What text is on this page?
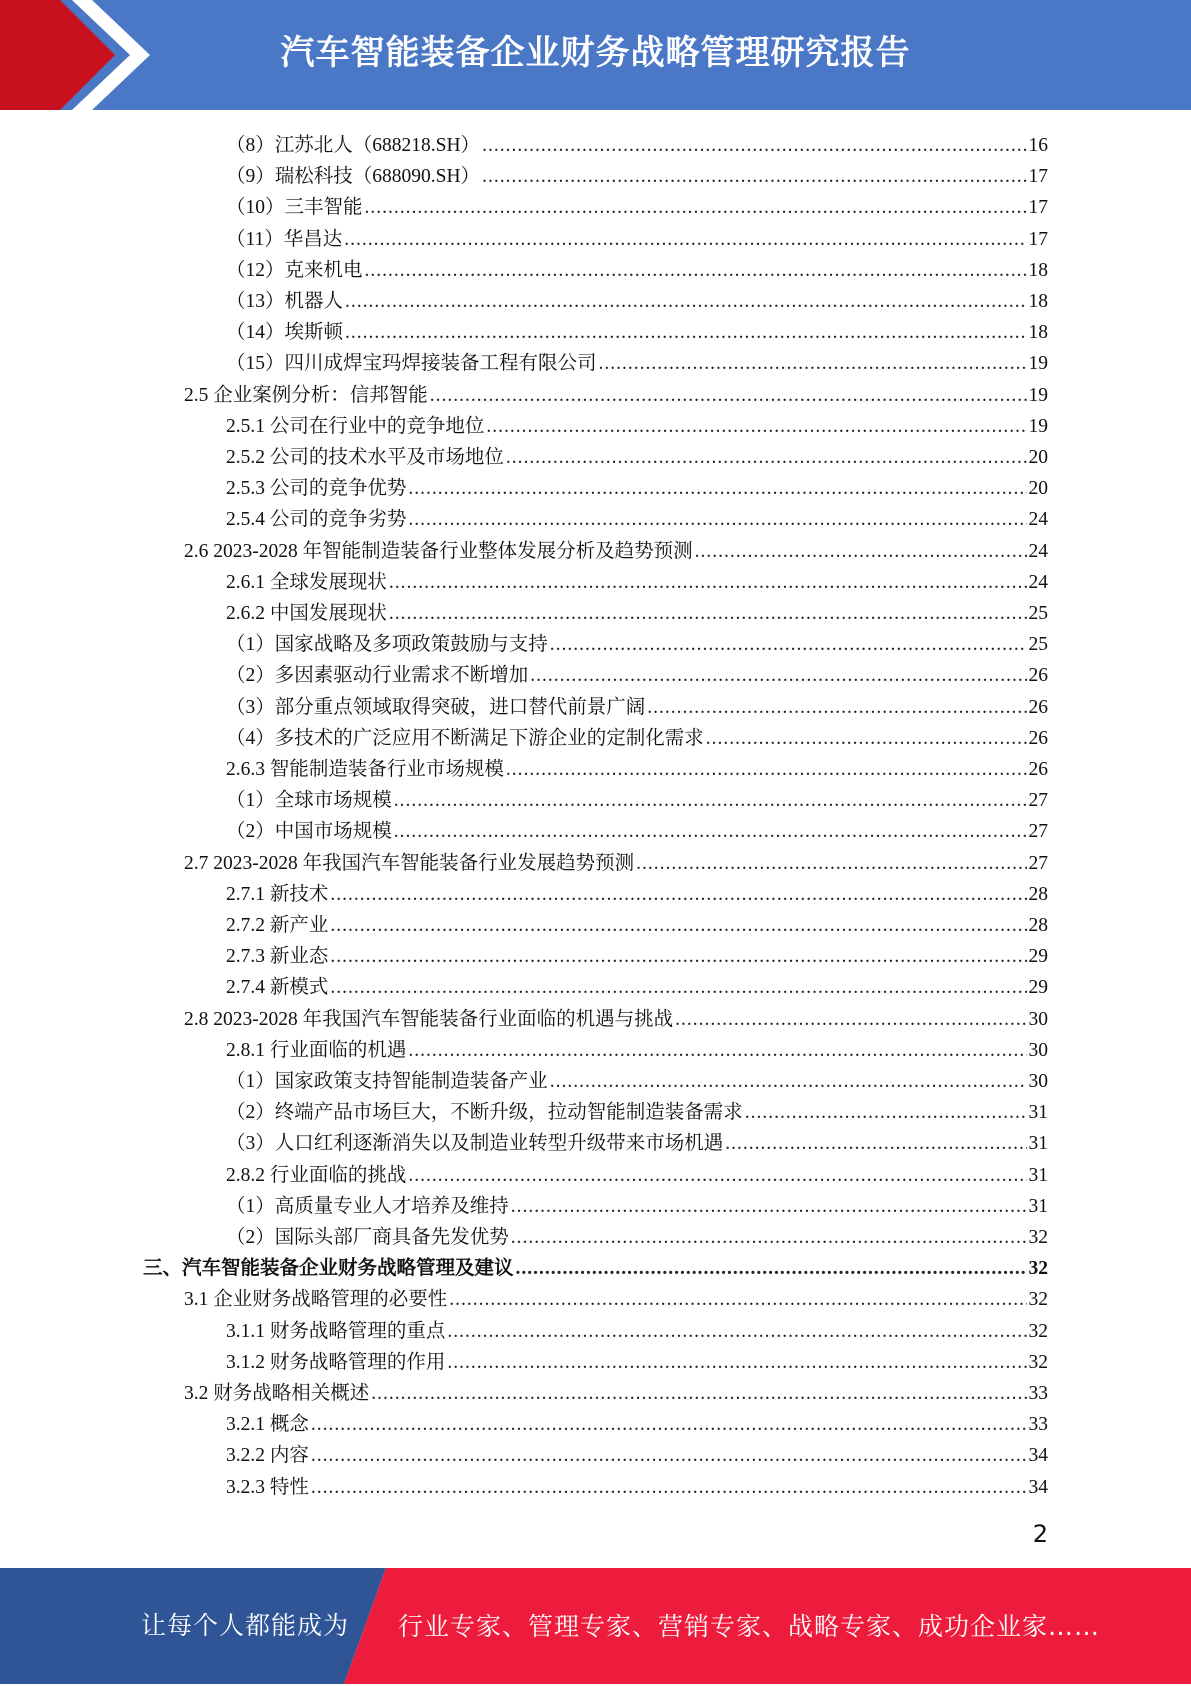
汽车智能装备企业财务战略管理研究报告
（8）江苏北人（688218.SH） .....	16
（9）瑞松科技（688090.SH） .....	17
（10）三丰智能 .....	17
（11）华昌达 .....	17
（12）克来机电 .....	18
（13）机器人 .....	18
（14）埃斯顿 .....	18
（15）四川成焊宝玛焊接装备工程有限公司 .....	19
2.5 企业案例分析：信邦智能 .....	19
2.5.1 公司在行业中的竞争地位 .....	19
2.5.2 公司的技术水平及市场地位 .....	20
2.5.3 公司的竞争优势 .....	20
2.5.4 公司的竞争劣势 .....	24
2.6 2023-2028 年智能制造装备行业整体发展分析及趋势预测 .....	24
2.6.1 全球发展现状 .....	24
2.6.2 中国发展现状 .....	25
（1）国家战略及多项政策鼓励与支持 .....	25
（2）多因素驱动行业需求不断增加 .....	26
（3）部分重点领域取得突破，进口替代前景广阔 .....	26
（4）多技术的广泛应用不断满足下游企业的定制化需求 .....	26
2.6.3 智能制造装备行业市场规模 .....	26
（1）全球市场规模 .....	27
（2）中国市场规模 .....	27
2.7 2023-2028 年我国汽车智能装备行业发展趋势预测 .....	27
2.7.1 新技术 .....	28
2.7.2 新产业 .....	28
2.7.3 新业态 .....	29
2.7.4 新模式 .....	29
2.8 2023-2028 年我国汽车智能装备行业面临的机遇与挑战 .....	30
2.8.1 行业面临的机遇 .....	30
（1）国家政策支持智能制造装备产业 .....	30
（2）终端产品市场巨大，不断升级，拉动智能制造装备需求 .....	31
（3）人口红利逐渐消失以及制造业转型升级带来市场机遇 .....	31
2.8.2 行业面临的挑战 .....	31
（1）高质量专业人才培养及维持 .....	31
（2）国际头部厂商具备先发优势 .....	32
三、汽车智能装备企业财务战略管理及建议 .....	32
3.1 企业财务战略管理的必要性 .....	32
3.1.1 财务战略管理的重点 .....	32
3.1.2 财务战略管理的作用 .....	32
3.2 财务战略相关概述 .....	33
3.2.1 概念 .....	33
3.2.2 内容 .....	34
3.2.3 特性 .....	34
2
让每个人都能成为 行业专家、管理专家、营销专家、战略专家、成功企业家……
